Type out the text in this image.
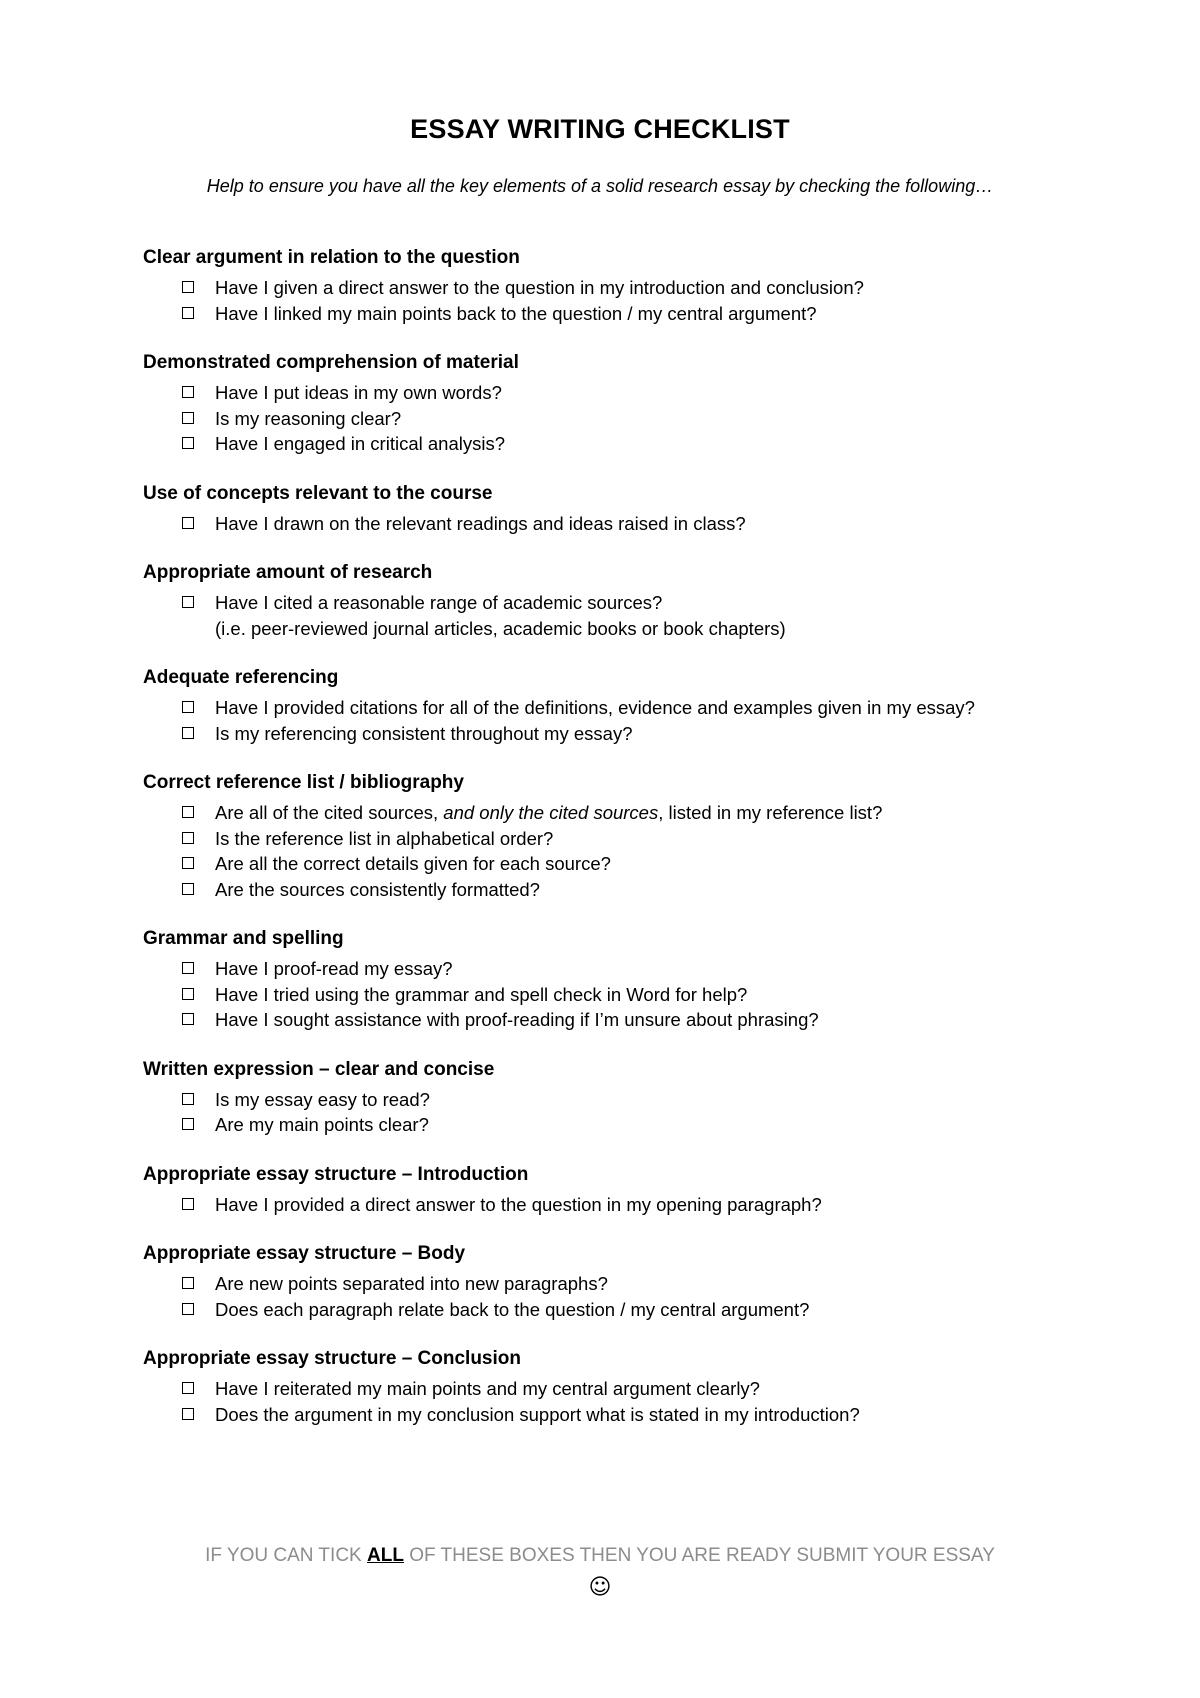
ESSAY WRITING CHECKLIST
Help to ensure you have all the key elements of a solid research essay by checking the following…
Clear argument in relation to the question
Have I given a direct answer to the question in my introduction and conclusion?
Have I linked my main points back to the question / my central argument?
Demonstrated comprehension of material
Have I put ideas in my own words?
Is my reasoning clear?
Have I engaged in critical analysis?
Use of concepts relevant to the course
Have I drawn on the relevant readings and ideas raised in class?
Appropriate amount of research
Have I cited a reasonable range of academic sources?
(i.e. peer-reviewed journal articles, academic books or book chapters)
Adequate referencing
Have I provided citations for all of the definitions, evidence and examples given in my essay?
Is my referencing consistent throughout my essay?
Correct reference list / bibliography
Are all of the cited sources, and only the cited sources, listed in my reference list?
Is the reference list in alphabetical order?
Are all the correct details given for each source?
Are the sources consistently formatted?
Grammar and spelling
Have I proof-read my essay?
Have I tried using the grammar and spell check in Word for help?
Have I sought assistance with proof-reading if I’m unsure about phrasing?
Written expression – clear and concise
Is my essay easy to read?
Are my main points clear?
Appropriate essay structure – Introduction
Have I provided a direct answer to the question in my opening paragraph?
Appropriate essay structure – Body
Are new points separated into new paragraphs?
Does each paragraph relate back to the question / my central argument?
Appropriate essay structure – Conclusion
Have I reiterated my main points and my central argument clearly?
Does the argument in my conclusion support what is stated in my introduction?
IF YOU CAN TICK ALL OF THESE BOXES THEN YOU ARE READY SUBMIT YOUR ESSAY
☺
